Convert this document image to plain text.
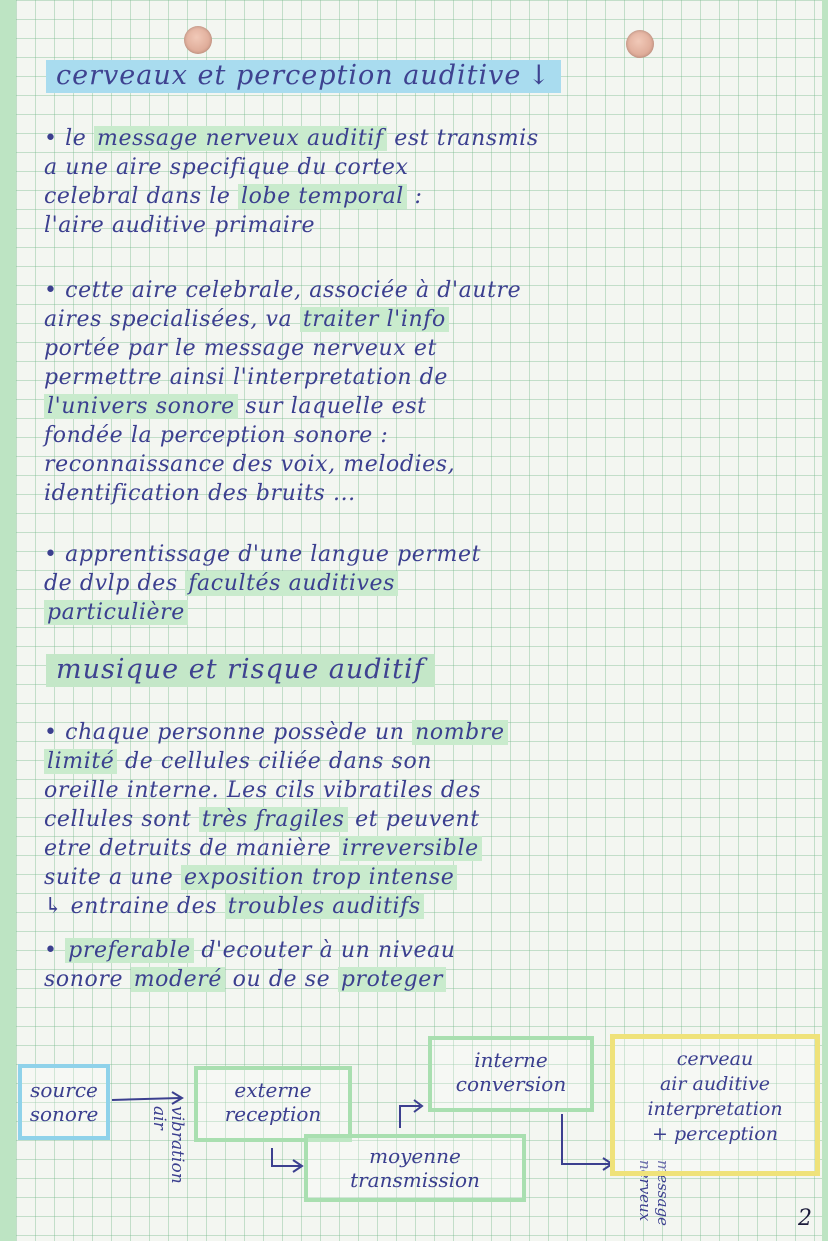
cerveaux et perception auditive ↓
• le message nerveux auditif est transmis
a une aire specifique du cortex
celebral dans le lobe temporal :
l'aire auditive primaire
• cette aire celebrale, associée à d'autre
aires specialisées, va traiter l'info
portée par le message nerveux et
permettre ainsi l'interpretation de
l'univers sonore sur laquelle est
fondée la perception sonore :
reconnaissance des voix, melodies,
identification des bruits ...
• apprentissage d'une langue permet
de dvlp des facultés auditives
particulière
musique et risque auditif
• chaque personne possède un nombre
limité de cellules ciliée dans son
oreille interne. Les cils vibratiles des
cellules sont très fragiles et peuvent
etre detruits de manière irreversible
suite a une exposition trop intense
↳ entraine des troubles auditifs
• preferable d'ecouter à un niveau
sonore moderé ou de se proteger
source
sonore	vibration
air
externe
reception
moyenne
transmission
interne
conversion
message
nerveux
cerveau
air auditive
interpretation
+ perception
2
